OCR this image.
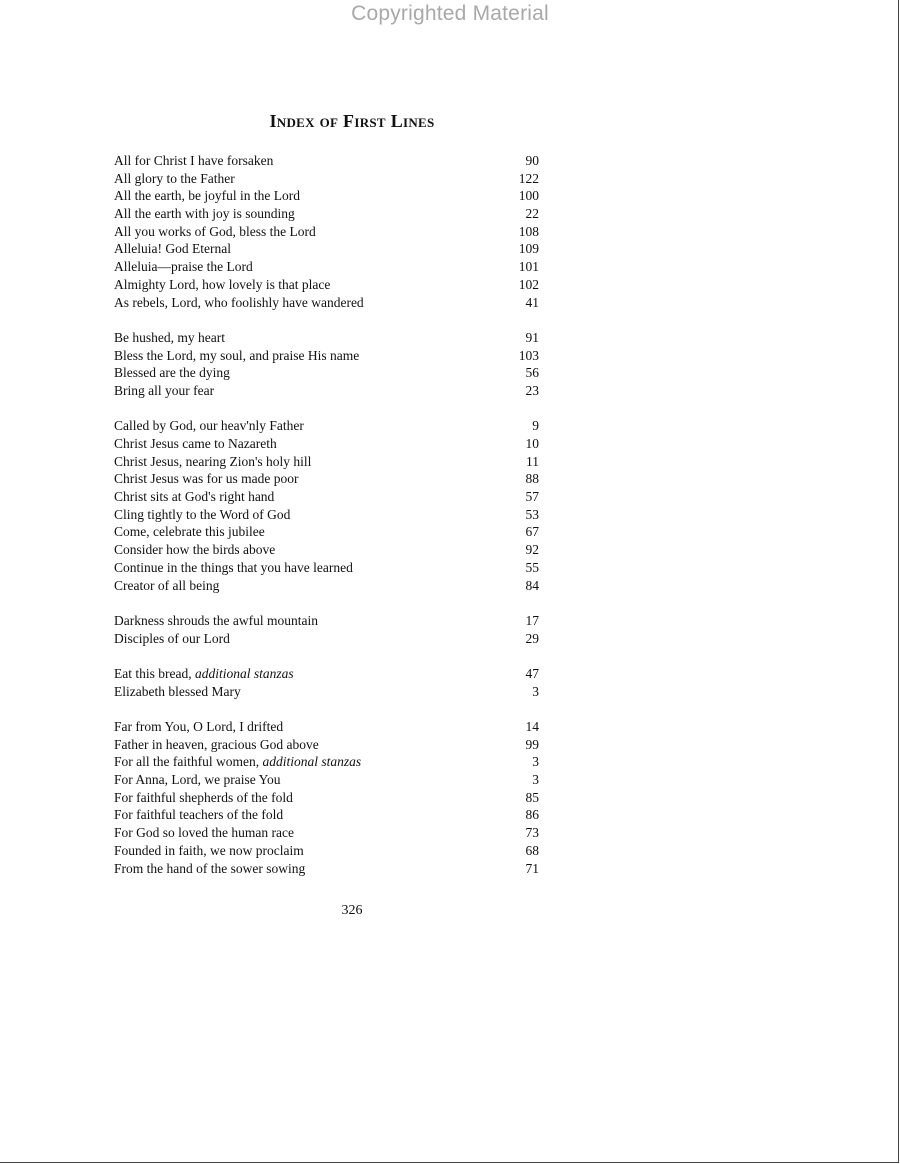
Copyrighted Material
Index of First Lines
All for Christ I have forsaken	90
All glory to the Father	122
All the earth, be joyful in the Lord	100
All the earth with joy is sounding	22
All you works of God, bless the Lord	108
Alleluia! God Eternal	109
Alleluia—praise the Lord	101
Almighty Lord, how lovely is that place	102
As rebels, Lord, who foolishly have wandered	41
Be hushed, my heart	91
Bless the Lord, my soul, and praise His name	103
Blessed are the dying	56
Bring all your fear	23
Called by God, our heav'nly Father	9
Christ Jesus came to Nazareth	10
Christ Jesus, nearing Zion's holy hill	11
Christ Jesus was for us made poor	88
Christ sits at God's right hand	57
Cling tightly to the Word of God	53
Come, celebrate this jubilee	67
Consider how the birds above	92
Continue in the things that you have learned	55
Creator of all being	84
Darkness shrouds the awful mountain	17
Disciples of our Lord	29
Eat this bread, additional stanzas	47
Elizabeth blessed Mary	3
Far from You, O Lord, I drifted	14
Father in heaven, gracious God above	99
For all the faithful women, additional stanzas	3
For Anna, Lord, we praise You	3
For faithful shepherds of the fold	85
For faithful teachers of the fold	86
For God so loved the human race	73
Founded in faith, we now proclaim	68
From the hand of the sower sowing	71
326
